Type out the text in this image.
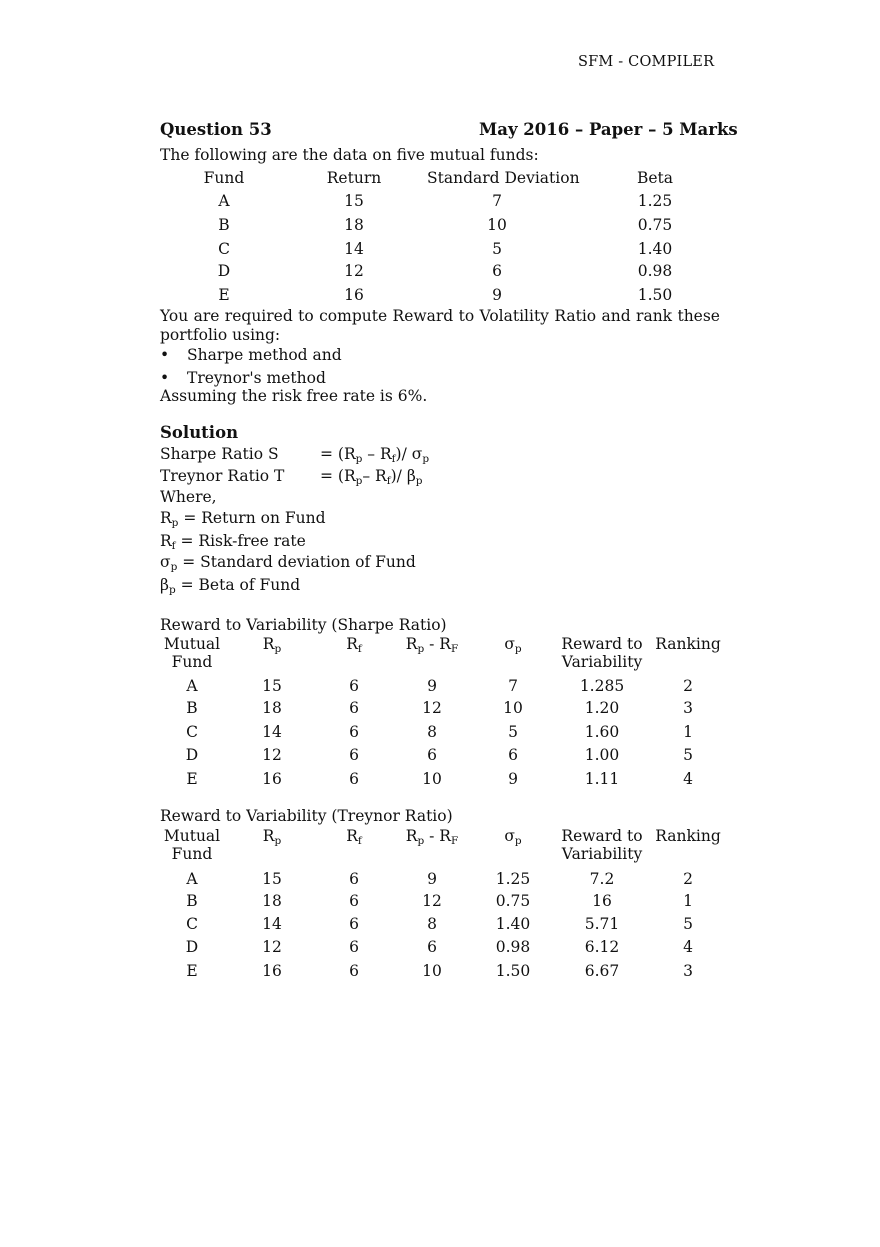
SFM - COMPILER
Question 53	May 2016 – Paper – 5 Marks
The following are the data on five mutual funds:
Fund	Return	Standard Deviation	Beta
A	15	7	1.25
B	18	10	0.75
C	14	5	1.40
D	12	6	0.98
E	16	9	1.50
You are required to compute Reward to Volatility Ratio and rank these
portfolio using:
• Sharpe method and
• Treynor's method
Assuming the risk free rate is 6%.
Solution
Sharpe Ratio S	= $(R_p - R_f)/$ $\sigma_p$
Treynor Ratio $T = (R_p-$ $R_f)/$ $\beta_p$
Where,
$R_p$ = Return on Fund
$R_f$ = Risk-free rate
$\sigma_p$ = Standard deviation of Fund
$\beta_p$ = Beta of Fund
Reward to Variability (Sharpe Ratio)
Mutual
Fund
$R_p$	$R_f$	$R_p - R_F$	$\sigma_p$	Reward to
Variability
Ranking
A	15	6	9	7	1.285	2
B	18	6	12	10	1.20	3
C	14	6	8	5	1.60	1
D	12	6	6	6	1.00	5
E	16	6	10	9	1.11	4
Reward to Variability (Treynor Ratio)
Mutual
Fund
$R_p$	$R_f$	$R_p - R_F$	$\sigma_p$	Reward to
Variability
Ranking
A	15	6	9	1.25	7.2	2
B	18	6	12	0.75	16	1
C	14	6	8	1.40	5.71	5
D	12	6	6	0.98	6.12	4
E	16	6	10	1.50	6.67	3
